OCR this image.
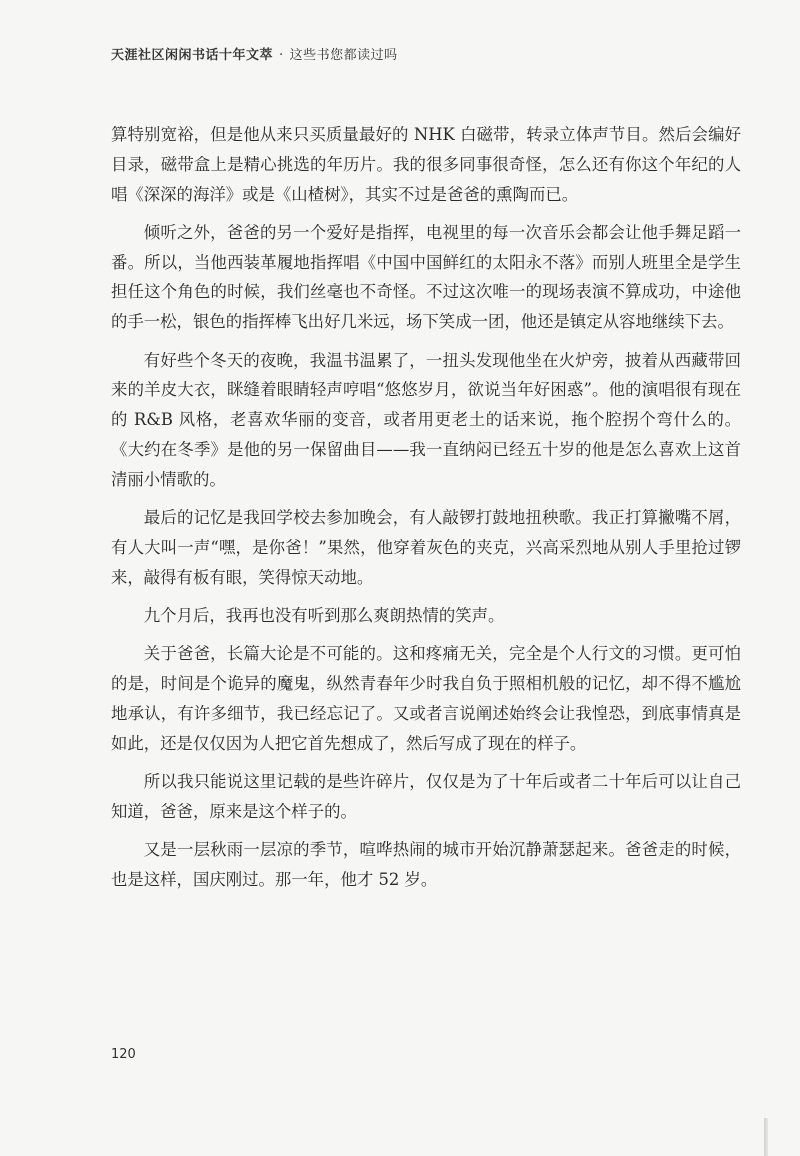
天涯社区闲闲书话十年文萃 · 这些书您都读过吗

算特别宽裕，但是他从来只买质量最好的 NHK 白磁带，转录立体声节目。然后会编好目录，磁带盒上是精心挑选的年历片。我的很多同事很奇怪，怎么还有你这个年纪的人唱《深深的海洋》或是《山楂树》，其实不过是爸爸的熏陶而已。

倾听之外，爸爸的另一个爱好是指挥，电视里的每一次音乐会都会让他手舞足蹈一番。所以，当他西装革履地指挥唱《中国中国鲜红的太阳永不落》而别人班里全是学生担任这个角色的时候，我们丝毫也不奇怪。不过这次唯一的现场表演不算成功，中途他的手一松，银色的指挥棒飞出好几米远，场下笑成一团，他还是镇定从容地继续下去。

有好些个冬天的夜晚，我温书温累了，一扭头发现他坐在火炉旁，披着从西藏带回来的羊皮大衣，眯缝着眼睛轻声哼唱“悠悠岁月，欲说当年好困惑”。他的演唱很有现在的 R&B 风格，老喜欢华丽的变音，或者用更老土的话来说，拖个腔拐个弯什么的。《大约在冬季》是他的另一保留曲目——我一直纳闷已经五十岁的他是怎么喜欢上这首清丽小情歌的。

最后的记忆是我回学校去参加晚会，有人敲锣打鼓地扭秧歌。我正打算撇嘴不屑，有人大叫一声“嘿，是你爸！”果然，他穿着灰色的夹克，兴高采烈地从别人手里抢过锣来，敲得有板有眼，笑得惊天动地。

九个月后，我再也没有听到那么爽朗热情的笑声。

关于爸爸，长篇大论是不可能的。这和疼痛无关，完全是个人行文的习惯。更可怕的是，时间是个诡异的魔鬼，纵然青春年少时我自负于照相机般的记忆，却不得不尴尬地承认，有许多细节，我已经忘记了。又或者言说阐述始终会让我惶恐，到底事情真是如此，还是仅仅因为人把它首先想成了，然后写成了现在的样子。

所以我只能说这里记载的是些许碎片，仅仅是为了十年后或者二十年后可以让自己知道，爸爸，原来是这个样子的。

又是一层秋雨一层凉的季节，喧哗热闹的城市开始沉静萧瑟起来。爸爸走的时候，也是这样，国庆刚过。那一年，他才 52 岁。

120
